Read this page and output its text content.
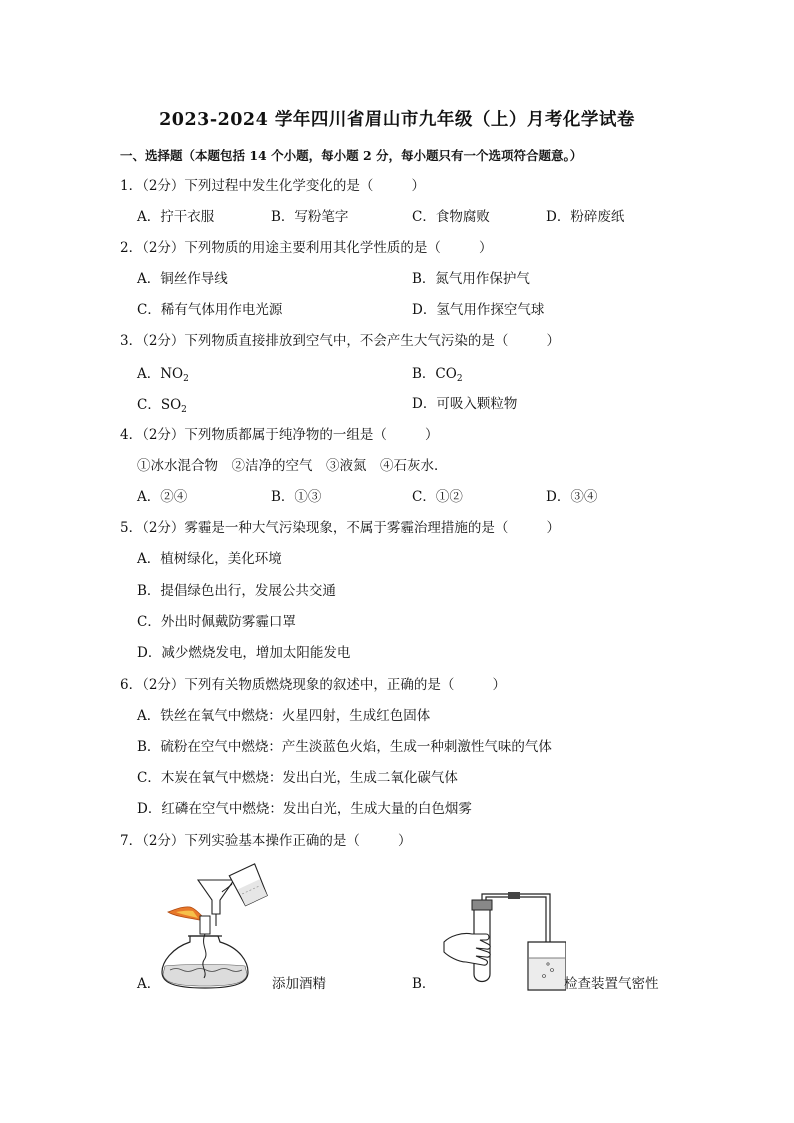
2023-2024 学年四川省眉山市九年级（上）月考化学试卷
一、选择题（本题包括 14 个小题，每小题 2 分，每小题只有一个选项符合题意。）
1．（2分）下列过程中发生化学变化的是（	）
A．拧干衣服	B．写粉笔字	C．食物腐败	D．粉碎废纸
2．（2分）下列物质的用途主要利用其化学性质的是（	）
A．铜丝作导线	B．氮气用作保护气
C．稀有气体用作电光源	D．氢气用作探空气球
3．（2分）下列物质直接排放到空气中，不会产生大气污染的是（	）
A．$NO_2$	B．$CO_2$
C．$SO_2$	D．可吸入颗粒物
4．（2分）下列物质都属于纯净物的一组是（	）
①冰水混合物　②洁净的空气　③液氮　④石灰水．
A．②④	B．①③	C．①②	D．③④
5．（2分）雾霾是一种大气污染现象，不属于雾霾治理措施的是（	）
A．植树绿化，美化环境
B．提倡绿色出行，发展公共交通
C．外出时佩戴防雾霾口罩
D．减少燃烧发电，增加太阳能发电
6．（2分）下列有关物质燃烧现象的叙述中，正确的是（	）
A．铁丝在氧气中燃烧：火星四射，生成红色固体
B．硫粉在空气中燃烧：产生淡蓝色火焰，生成一种刺激性气味的气体
C．木炭在氧气中燃烧：发出白光，生成二氧化碳气体
D．红磷在空气中燃烧：发出白光，生成大量的白色烟雾
7．（2分）下列实验基本操作正确的是（	）
A．	添加酒精	B．	检查装置气密性
